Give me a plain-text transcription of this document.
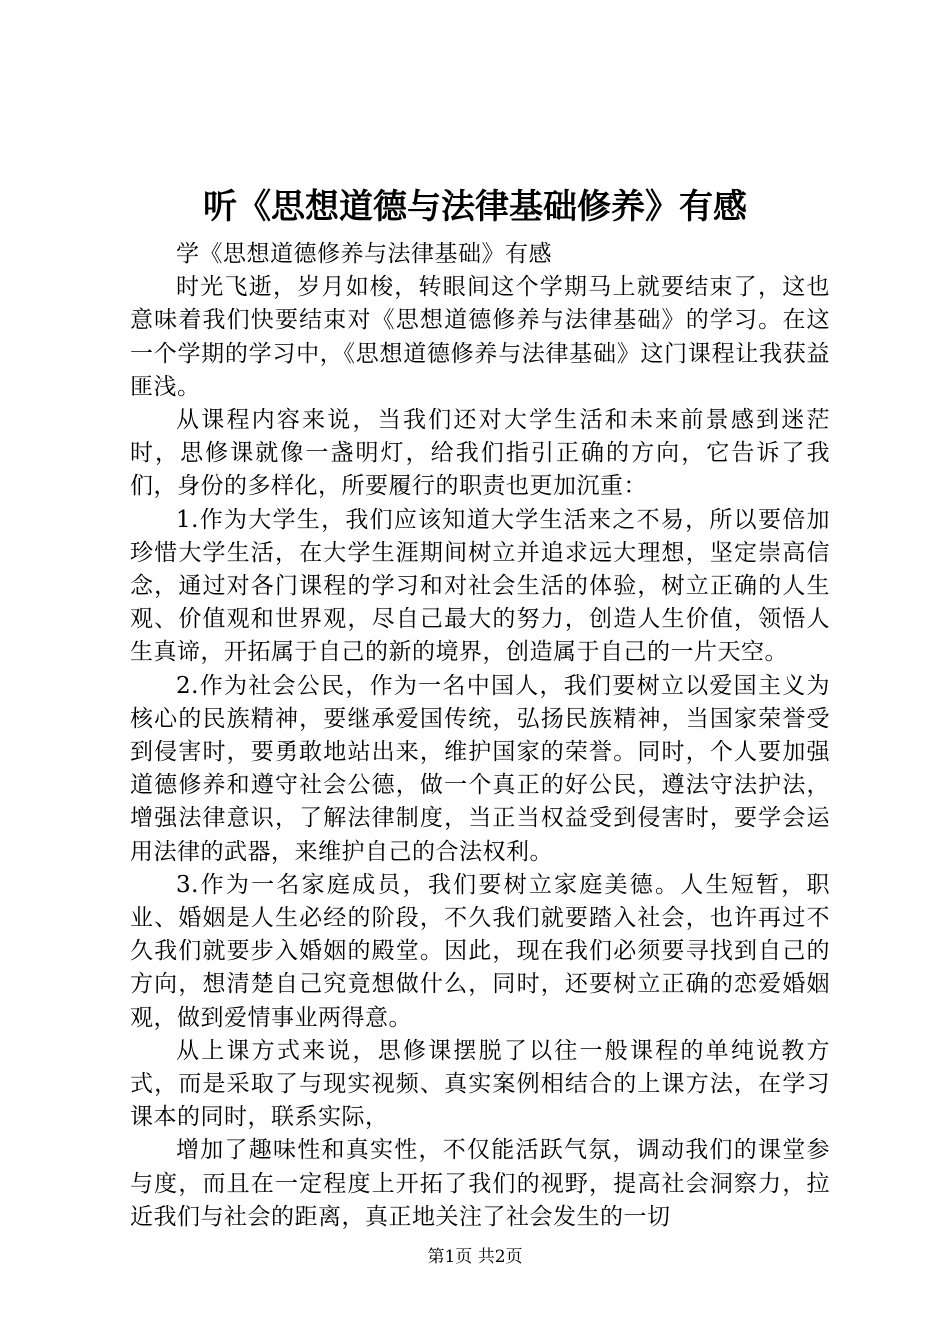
听《思想道德与法律基础修养》有感

学《思想道德修养与法律基础》有感

时光飞逝，岁月如梭，转眼间这个学期马上就要结束了，这也意味着我们快要结束对《思想道德修养与法律基础》的学习。在这一个学期的学习中，《思想道德修养与法律基础》这门课程让我获益匪浅。

从课程内容来说，当我们还对大学生活和未来前景感到迷茫时，思修课就像一盏明灯，给我们指引正确的方向，它告诉了我们，身份的多样化，所要履行的职责也更加沉重：

1.作为大学生，我们应该知道大学生活来之不易，所以要倍加珍惜大学生活，在大学生涯期间树立并追求远大理想，坚定崇高信念，通过对各门课程的学习和对社会生活的体验，树立正确的人生观、价值观和世界观，尽自己最大的努力，创造人生价值，领悟人生真谛，开拓属于自己的新的境界，创造属于自己的一片天空。

2.作为社会公民，作为一名中国人，我们要树立以爱国主义为核心的民族精神，要继承爱国传统，弘扬民族精神，当国家荣誉受到侵害时，要勇敢地站出来，维护国家的荣誉。同时，个人要加强道德修养和遵守社会公德，做一个真正的好公民，遵法守法护法，增强法律意识，了解法律制度，当正当权益受到侵害时，要学会运用法律的武器，来维护自己的合法权利。

3.作为一名家庭成员，我们要树立家庭美德。人生短暂，职业、婚姻是人生必经的阶段，不久我们就要踏入社会，也许再过不久我们就要步入婚姻的殿堂。因此，现在我们必须要寻找到自己的方向，想清楚自己究竟想做什么，同时，还要树立正确的恋爱婚姻观，做到爱情事业两得意。

从上课方式来说，思修课摆脱了以往一般课程的单纯说教方式，而是采取了与现实视频、真实案例相结合的上课方法，在学习课本的同时，联系实际，

增加了趣味性和真实性，不仅能活跃气氛，调动我们的课堂参与度，而且在一定程度上开拓了我们的视野，提高社会洞察力，拉近我们与社会的距离，真正地关注了社会发生的一切

第1页 共2页
